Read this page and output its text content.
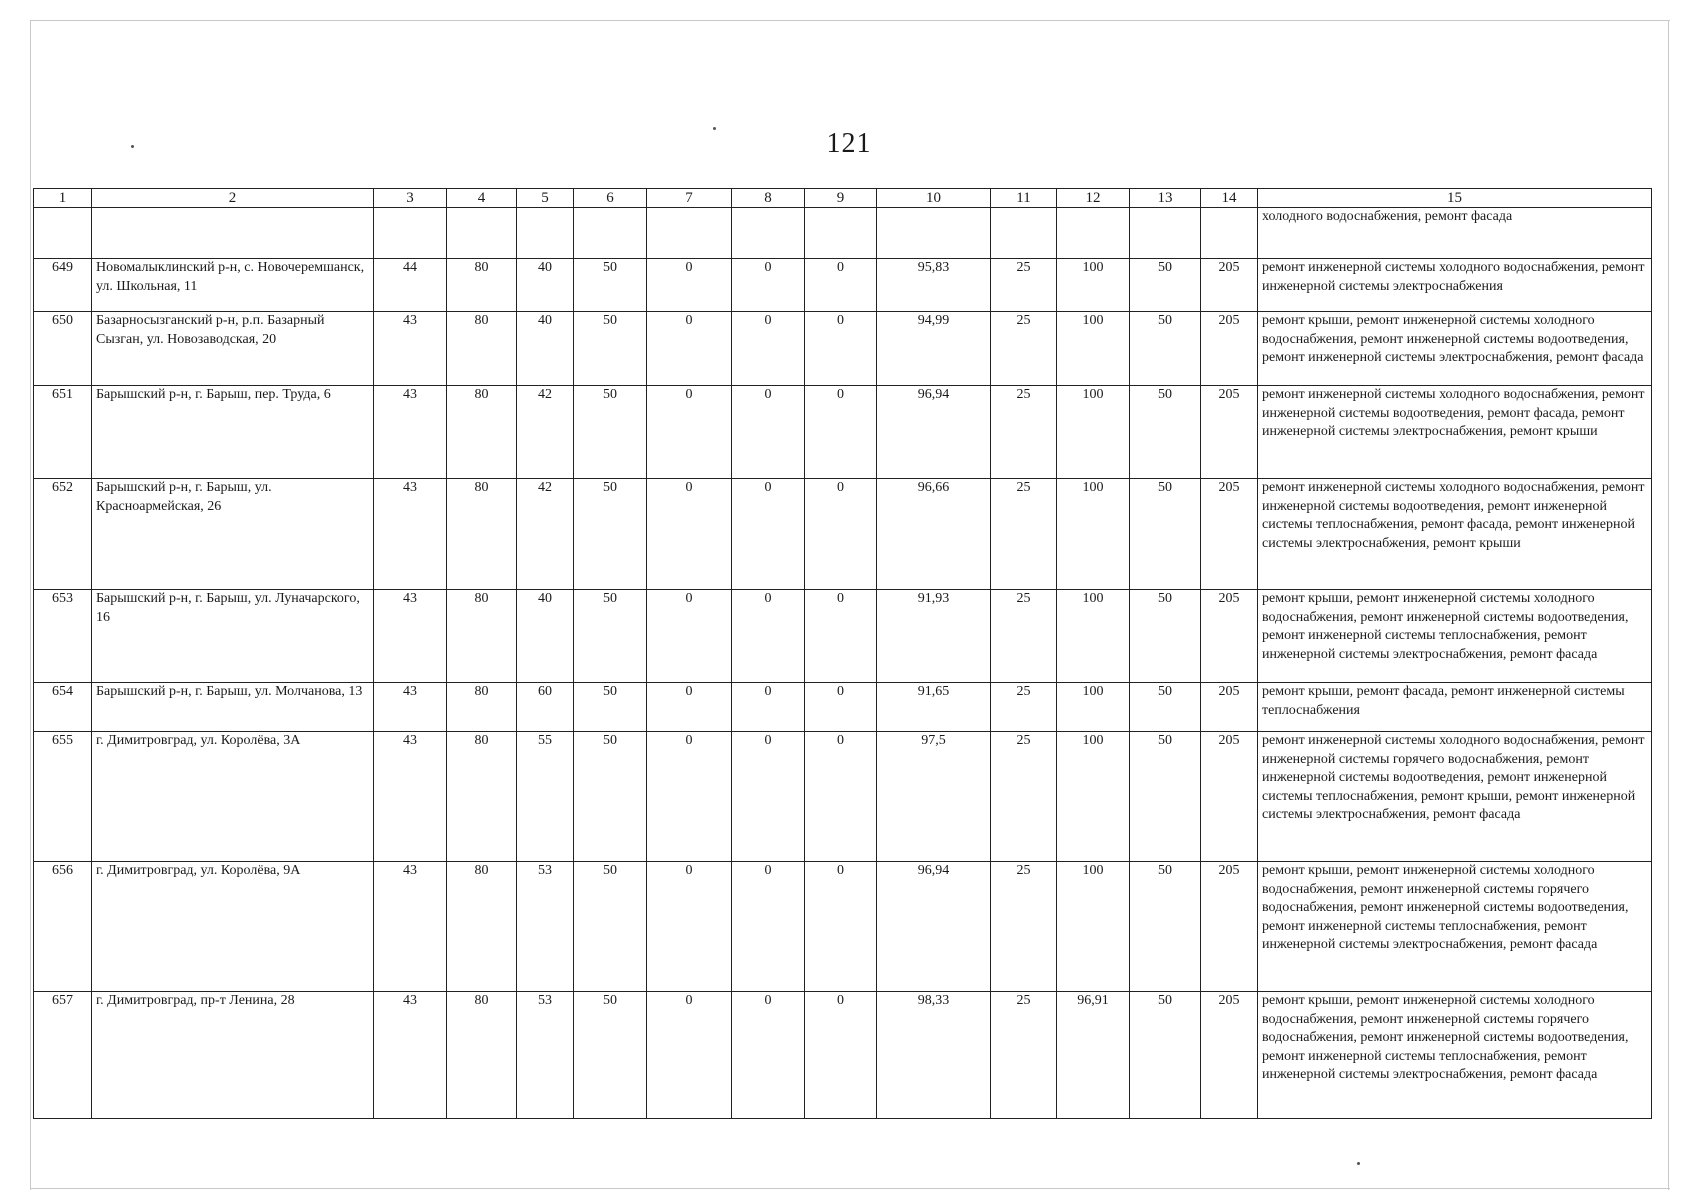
121
1	2	3	4	5	6	7	8	9	10	11	12	13	14	15
														холодного водоснабжения, ремонт фасада
649	Новомалыклинский р-н, с. Новочеремшанск, ул. Школьная, 11	44	80	40	50	0	0	0	95,83	25	100	50	205	ремонт инженерной системы холодного водоснабжения, ремонт инженерной системы электроснабжения
650	Базарносызганский р-н, р.п. Базарный Сызган, ул. Новозаводская, 20	43	80	40	50	0	0	0	94,99	25	100	50	205	ремонт крыши, ремонт инженерной системы холодного водоснабжения, ремонт инженерной системы водоотведения, ремонт инженерной системы электроснабжения, ремонт фасада
651	Барышский р-н, г. Барыш, пер. Труда, 6	43	80	42	50	0	0	0	96,94	25	100	50	205	ремонт инженерной системы холодного водоснабжения, ремонт инженерной системы водоотведения, ремонт фасада, ремонт инженерной системы электроснабжения, ремонт крыши
652	Барышский р-н, г. Барыш, ул. Красноармейская, 26	43	80	42	50	0	0	0	96,66	25	100	50	205	ремонт инженерной системы холодного водоснабжения, ремонт инженерной системы водоотведения, ремонт инженерной системы теплоснабжения, ремонт фасада, ремонт инженерной системы электроснабжения, ремонт крыши
653	Барышский р-н, г. Барыш, ул. Луначарского, 16	43	80	40	50	0	0	0	91,93	25	100	50	205	ремонт крыши, ремонт инженерной системы холодного водоснабжения, ремонт инженерной системы водоотведения, ремонт инженерной системы теплоснабжения, ремонт инженерной системы электроснабжения, ремонт фасада
654	Барышский р-н, г. Барыш, ул. Молчанова, 13	43	80	60	50	0	0	0	91,65	25	100	50	205	ремонт крыши, ремонт фасада, ремонт инженерной системы теплоснабжения
655	г. Димитровград, ул. Королёва, 3А	43	80	55	50	0	0	0	97,5	25	100	50	205	ремонт инженерной системы холодного водоснабжения, ремонт инженерной системы горячего водоснабжения, ремонт инженерной системы водоотведения, ремонт инженерной системы теплоснабжения, ремонт крыши, ремонт инженерной системы электроснабжения, ремонт фасада
656	г. Димитровград, ул. Королёва, 9А	43	80	53	50	0	0	0	96,94	25	100	50	205	ремонт крыши, ремонт инженерной системы холодного водоснабжения, ремонт инженерной системы горячего водоснабжения, ремонт инженерной системы водоотведения, ремонт инженерной системы теплоснабжения, ремонт инженерной системы электроснабжения, ремонт фасада
657	г. Димитровград, пр-т Ленина, 28	43	80	53	50	0	0	0	98,33	25	96,91	50	205	ремонт крыши, ремонт инженерной системы холодного водоснабжения, ремонт инженерной системы горячего водоснабжения, ремонт инженерной системы водоотведения, ремонт инженерной системы теплоснабжения, ремонт инженерной системы электроснабжения, ремонт фасада
